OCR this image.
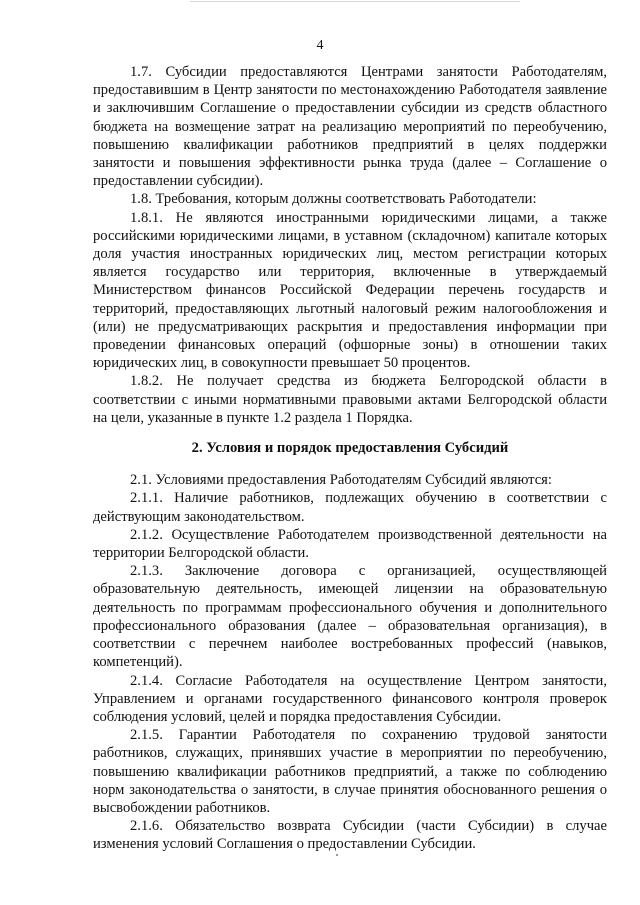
4

1.7. Субсидии предоставляются Центрами занятости Работодателям, предоставившим в Центр занятости по местонахождению Работодателя заявление и заключившим Соглашение о предоставлении субсидии из средств областного бюджета на возмещение затрат на реализацию мероприятий по переобучению, повышению квалификации работников предприятий в целях поддержки занятости и повышения эффективности рынка труда (далее – Соглашение о предоставлении субсидии).

1.8. Требования, которым должны соответствовать Работодатели:

1.8.1. Не являются иностранными юридическими лицами, а также российскими юридическими лицами, в уставном (складочном) капитале которых доля участия иностранных юридических лиц, местом регистрации которых является государство или территория, включенные в утверждаемый Министерством финансов Российской Федерации перечень государств и территорий, предоставляющих льготный налоговый режим налогообложения и (или) не предусматривающих раскрытия и предоставления информации при проведении финансовых операций (офшорные зоны) в отношении таких юридических лиц, в совокупности превышает 50 процентов.

1.8.2. Не получает средства из бюджета Белгородской области в соответствии с иными нормативными правовыми актами Белгородской области на цели, указанные в пункте 1.2 раздела 1 Порядка.

2. Условия и порядок предоставления Субсидий

2.1. Условиями предоставления Работодателям Субсидий являются:

2.1.1. Наличие работников, подлежащих обучению в соответствии с действующим законодательством.

2.1.2. Осуществление Работодателем производственной деятельности на территории Белгородской области.

2.1.3. Заключение договора с организацией, осуществляющей образовательную деятельность, имеющей лицензии на образовательную деятельность по программам профессионального обучения и дополнительного профессионального образования (далее – образовательная организация), в соответствии с перечнем наиболее востребованных профессий (навыков, компетенций).

2.1.4. Согласие Работодателя на осуществление Центром занятости, Управлением и органами государственного финансового контроля проверок соблюдения условий, целей и порядка предоставления Субсидии.

2.1.5. Гарантии Работодателя по сохранению трудовой занятости работников, служащих, принявших участие в мероприятии по переобучению, повышению квалификации работников предприятий, а также по соблюдению норм законодательства о занятости, в случае принятия обоснованного решения о высвобождении работников.

2.1.6. Обязательство возврата Субсидии (части Субсидии) в случае изменения условий Соглашения о предоставлении Субсидии.
